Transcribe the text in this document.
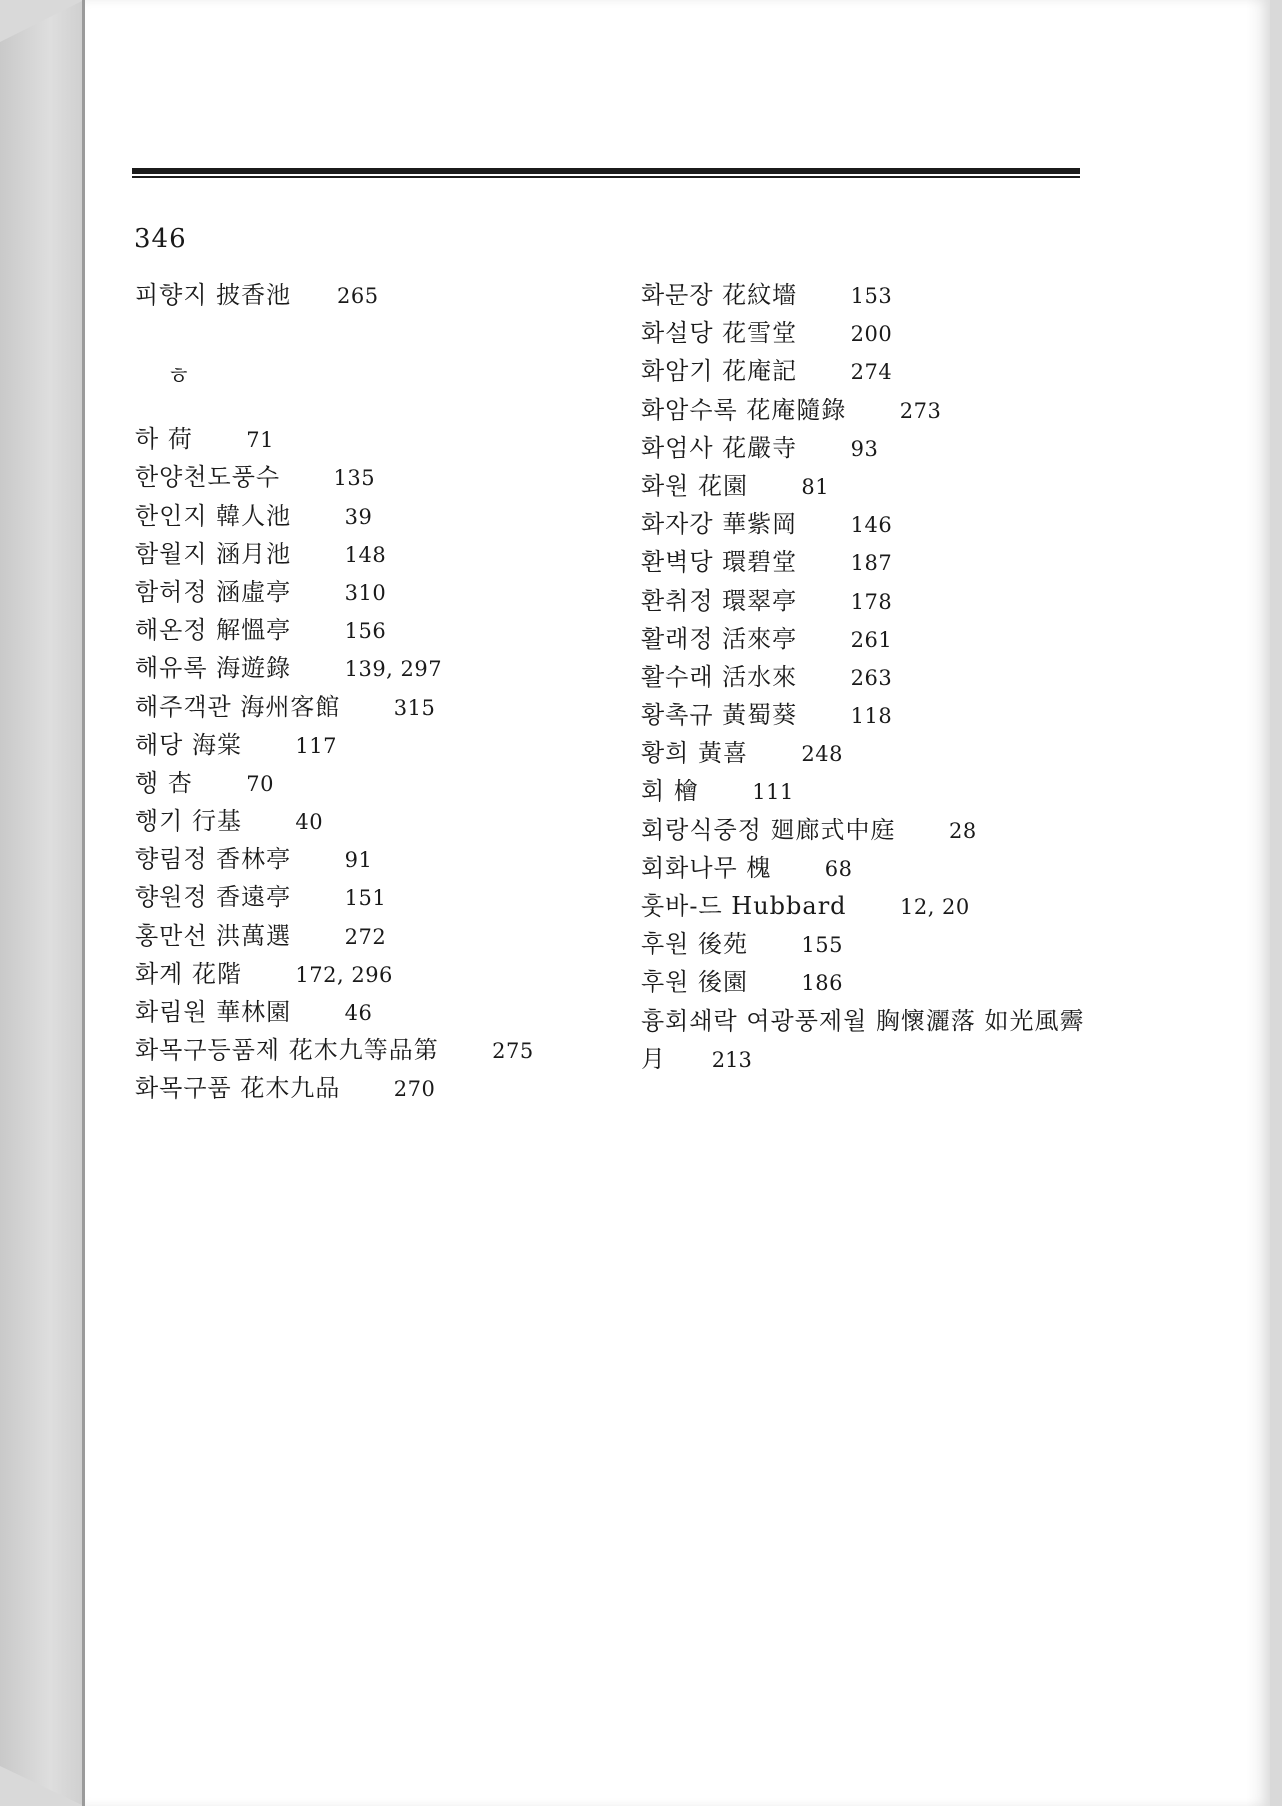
346
피향지 披香池 265
ㅎ
하 荷	71
한양천도풍수	135
한인지 韓人池	39
함월지 涵月池	148
함허정 涵虛亭	310
해온정 解慍亭	156
해유록 海遊錄	139, 297
해주객관 海州客館	315
해당 海棠	117
행 杏	70
행기 行基	40
향림정 香林亭	91
향원정 香遠亭	151
홍만선 洪萬選	272
화계 花階	172, 296
화림원 華林園	46
화목구등품제 花木九等品第	275
화목구품 花木九品	270
화문장 花紋墻	153
화설당 花雪堂	200
화암기 花庵記	274
화암수록 花庵隨錄	273
화엄사 花嚴寺	93
화원 花園	81
화자강 華紫岡	146
환벽당 環碧堂	187
환취정 環翠亭	178
활래정 活來亭	261
활수래 活水來	263
황촉규 黃蜀葵	118
황희 黃喜	248
회 檜	111
회랑식중정 廻廊式中庭	28
회화나무 槐	68
훗바-드 Hubbard	12, 20
후원 後苑	155
후원 後園	186
흉회쇄락 여광풍제월 胸懷灑落 如光風霽月 213
